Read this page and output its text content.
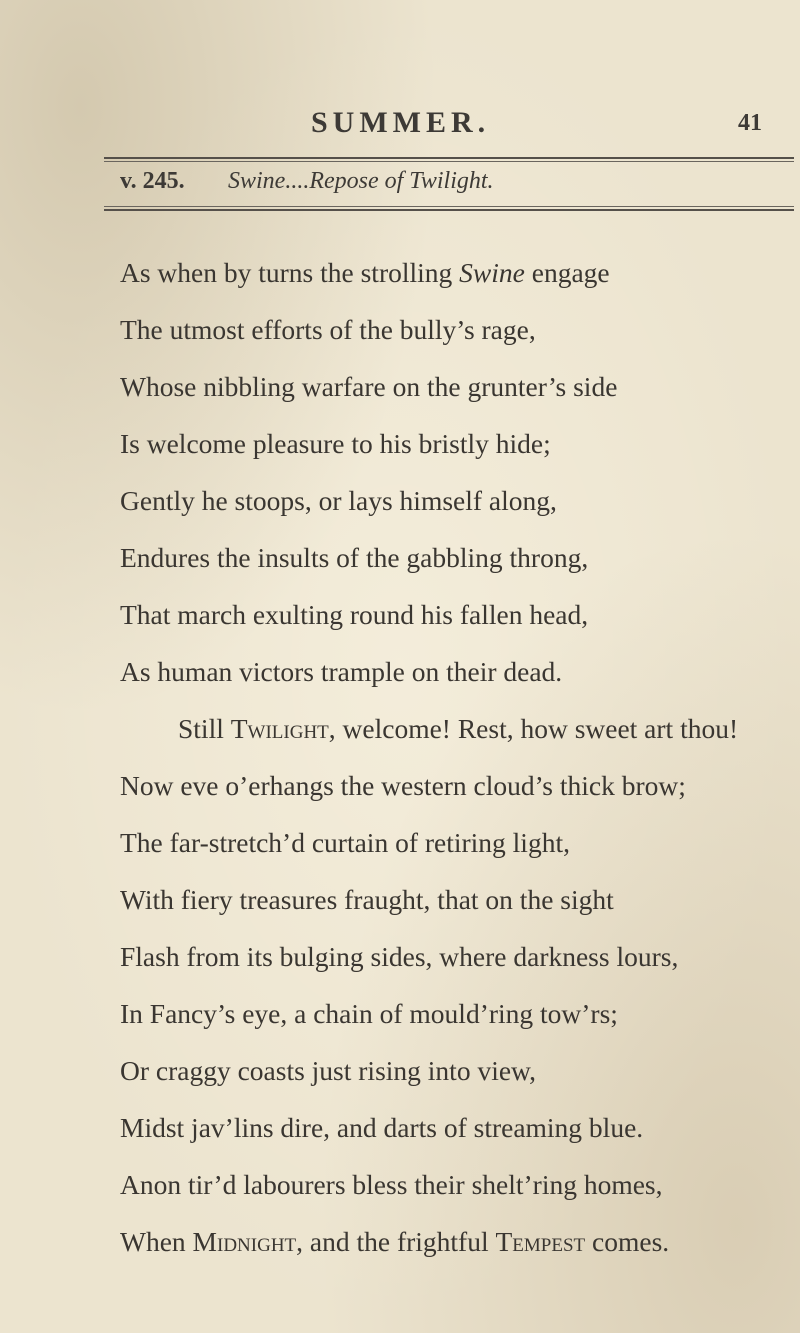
SUMMER.	41
v. 245. Swine....Repose of Twilight.
As when by turns the strolling Swine engage
The utmost efforts of the bully’s rage,
Whose nibbling warfare on the grunter’s side
Is welcome pleasure to his bristly hide;
Gently he stoops, or lays himself along,
Endures the insults of the gabbling throng,
That march exulting round his fallen head,
As human victors trample on their dead.
Still Twilight, welcome! Rest, how sweet art thou!
Now eve o’erhangs the western cloud’s thick brow;
The far-stretch’d curtain of retiring light,
With fiery treasures fraught, that on the sight
Flash from its bulging sides, where darkness lours,
In Fancy’s eye, a chain of mould’ring tow’rs;
Or craggy coasts just rising into view,
Midst jav’lins dire, and darts of streaming blue.
Anon tir’d labourers bless their shelt’ring homes,
When Midnight, and the frightful Tempest comes.
